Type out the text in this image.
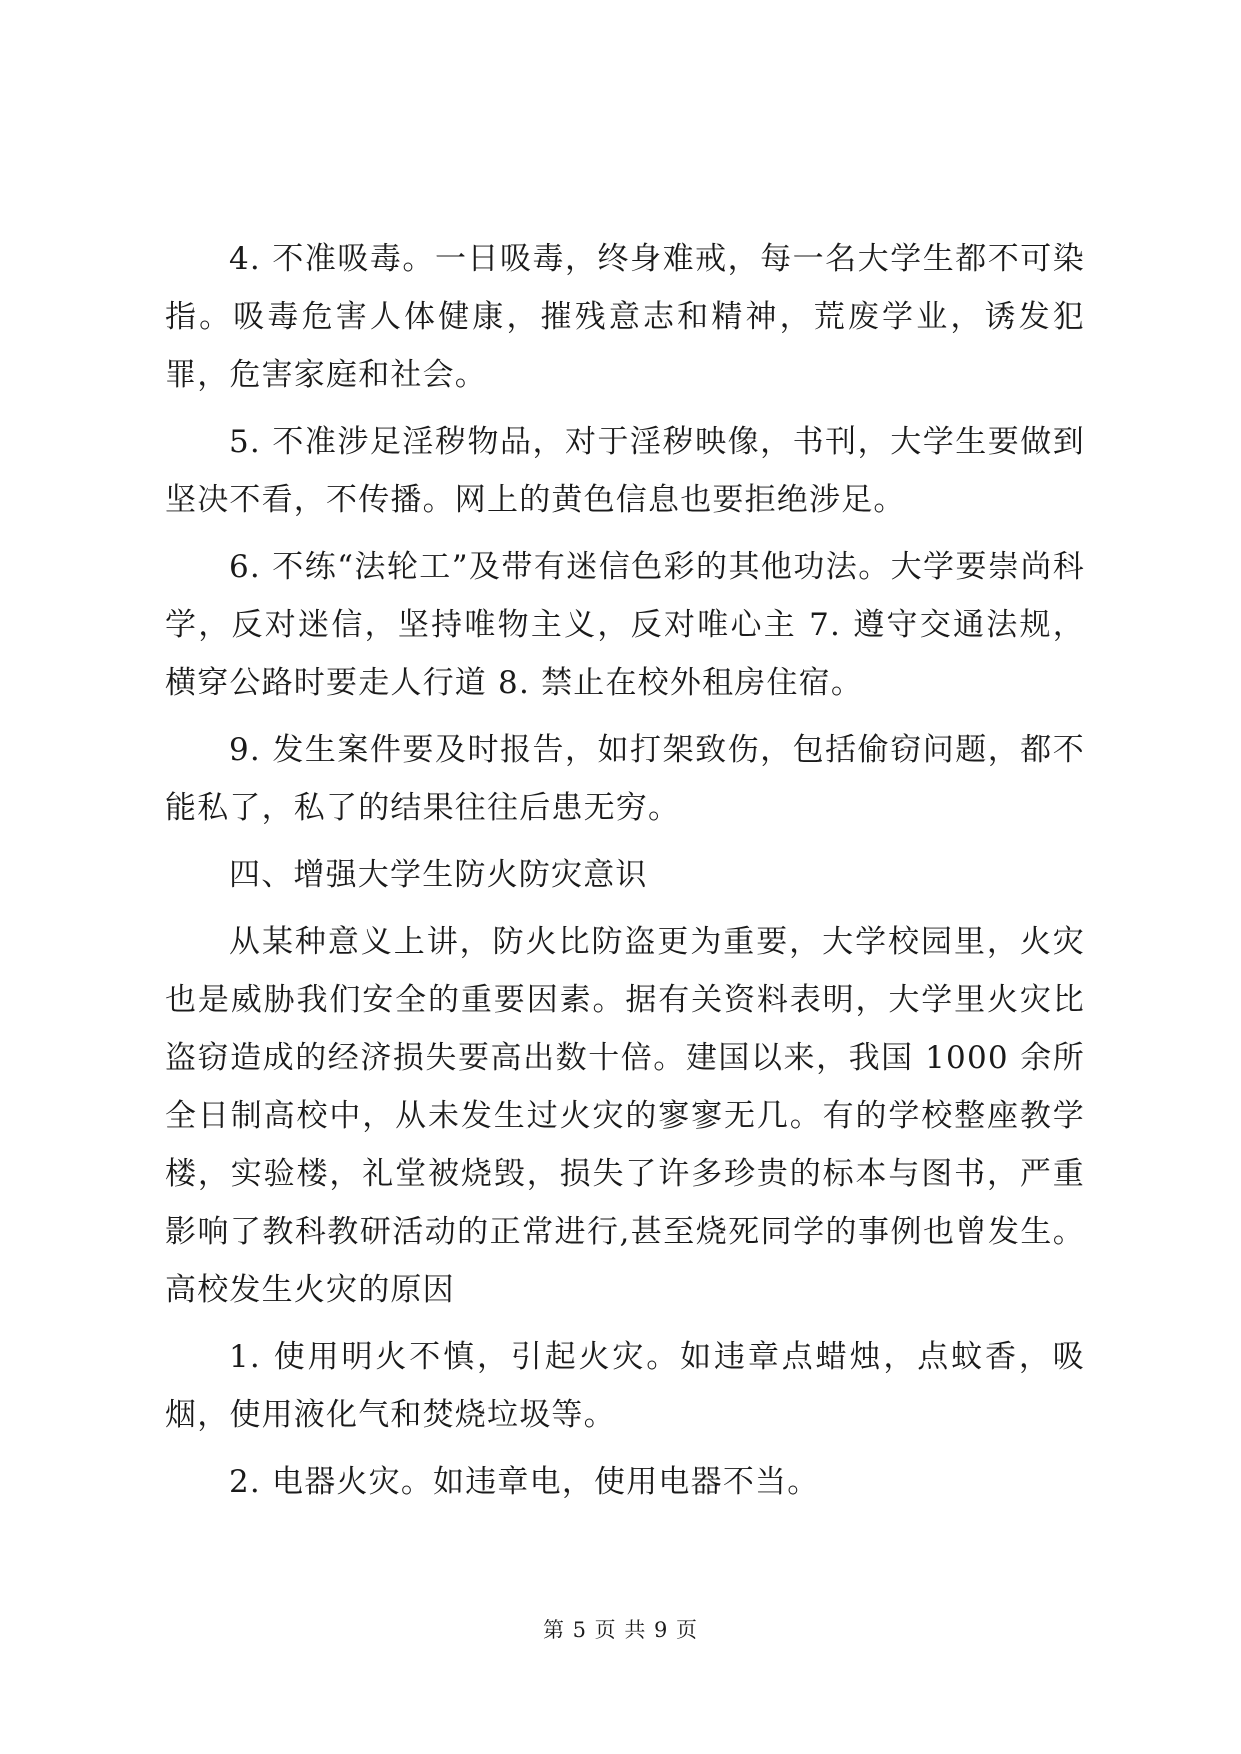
4. 不准吸毒。一日吸毒，终身难戒，每一名大学生都不可染指。吸毒危害人体健康，摧残意志和精神，荒废学业，诱发犯罪，危害家庭和社会。

5. 不准涉足淫秽物品，对于淫秽映像，书刊，大学生要做到坚决不看，不传播。网上的黄色信息也要拒绝涉足。

6. 不练“法轮工”及带有迷信色彩的其他功法。大学要崇尚科学，反对迷信，坚持唯物主义，反对唯心主 7. 遵守交通法规，横穿公路时要走人行道 8. 禁止在校外租房住宿。

9. 发生案件要及时报告，如打架致伤，包括偷窃问题，都不能私了，私了的结果往往后患无穷。

四、增强大学生防火防灾意识

从某种意义上讲，防火比防盗更为重要，大学校园里，火灾也是威胁我们安全的重要因素。据有关资料表明，大学里火灾比盗窃造成的经济损失要高出数十倍。建国以来，我国 1000 余所全日制高校中，从未发生过火灾的寥寥无几。有的学校整座教学楼，实验楼，礼堂被烧毁，损失了许多珍贵的标本与图书，严重影响了教科教研活动的正常进行,甚至烧死同学的事例也曾发生。高校发生火灾的原因

1. 使用明火不慎，引起火灾。如违章点蜡烛，点蚊香，吸烟，使用液化气和焚烧垃圾等。

2. 电器火灾。如违章电，使用电器不当。

第 5 页 共 9 页
